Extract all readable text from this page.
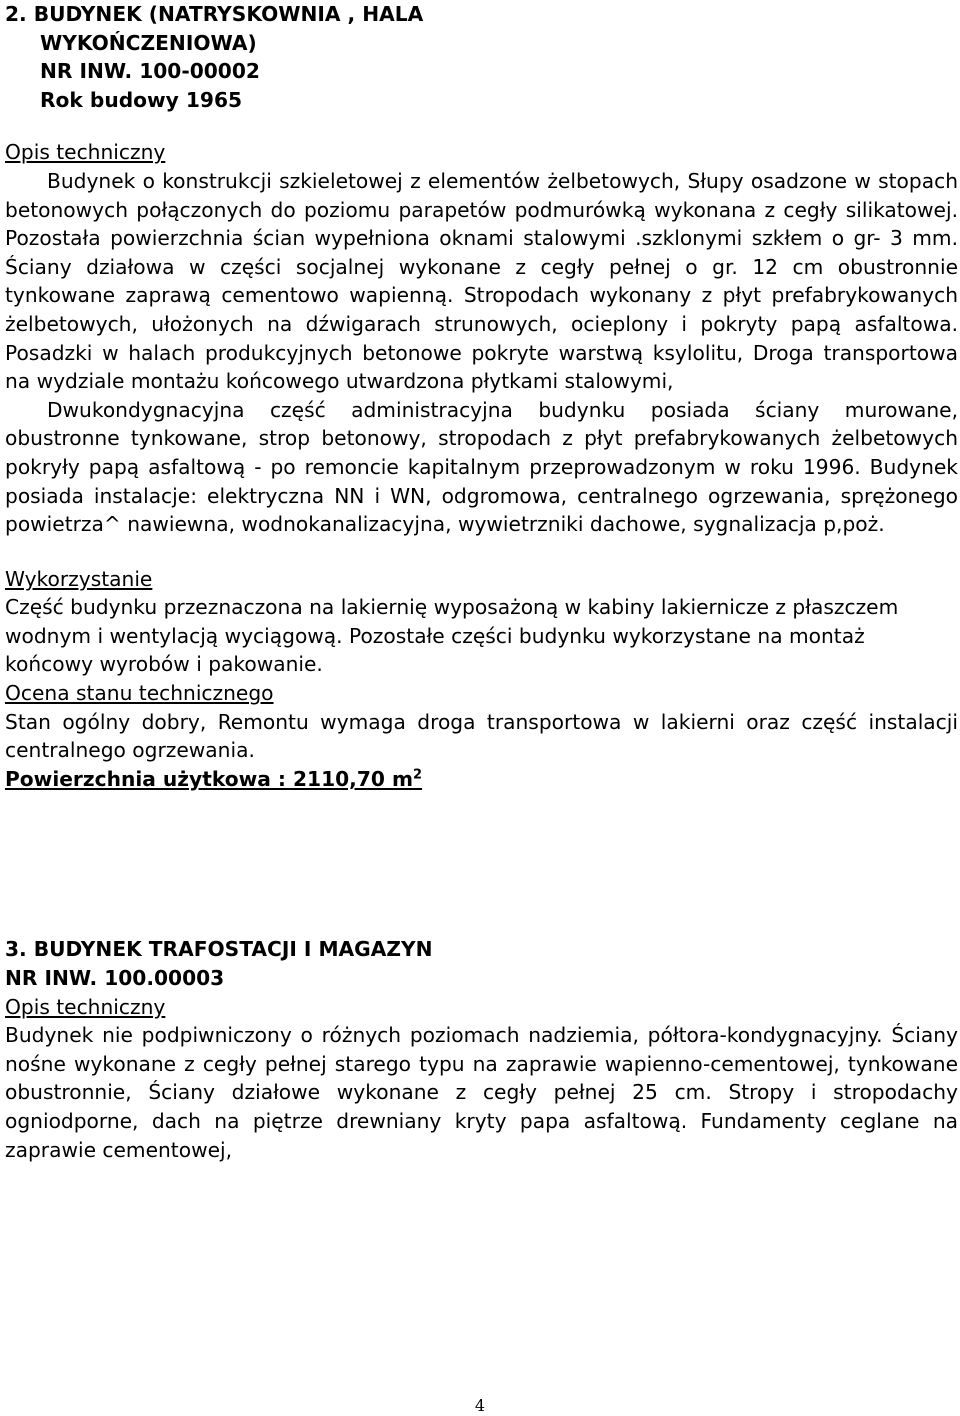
2. BUDYNEK (NATRYSKOWNIA , HALA
WYKOŃCZENIOWA)
NR INW. 100-00002
Rok budowy 1965
Opis techniczny

Budynek o konstrukcji szkieletowej z elementów żelbetowych, Słupy osadzone w stopach betonowych połączonych do poziomu parapetów podmurówką wykonana z cegły silikatowej. Pozostała powierzchnia ścian wypełniona oknami stalowymi .szklonymi szkłem o gr- 3 mm. Ściany działowa w części socjalnej wykonane z cegły pełnej o gr. 12 cm obustronnie tynkowane zaprawą cementowo wapienną. Stropodach wykonany z płyt prefabrykowanych żelbetowych, ułożonych na dźwigarach strunowych, ocieplony i pokryty papą asfaltowa. Posadzki w halach produkcyjnych betonowe pokryte warstwą ksylolitu, Droga transportowa na wydziale montażu końcowego utwardzona płytkami stalowymi,

Dwukondygnacyjna część administracyjna budynku posiada ściany murowane, obustronne tynkowane, strop betonowy, stropodach z płyt prefabrykowanych żelbetowych pokryły papą asfaltową - po remoncie kapitalnym przeprowadzonym w roku 1996. Budynek posiada instalacje: elektryczna NN i WN, odgromowa, centralnego ogrzewania, sprężonego powietrza^ nawiewna, wodnokanalizacyjna, wywietrzniki dachowe, sygnalizacja p,poż.

Wykorzystanie

Część budynku przeznaczona na lakiernię wyposażoną w kabiny lakiernicze z płaszczem wodnym i wentylacją wyciągową. Pozostałe części budynku wykorzystane na montaż końcowy wyrobów i pakowanie.

Ocena stanu technicznego

Stan ogólny dobry, Remontu wymaga droga transportowa w lakierni oraz część instalacji centralnego ogrzewania.

Powierzchnia użytkowa : 2110,70 $m^2$
3. BUDYNEK TRAFOSTACJI I MAGAZYN
NR INW. 100.00003
Opis techniczny

Budynek nie podpiwniczony o różnych poziomach nadziemia, półtora-kondygnacyjny. Ściany nośne wykonane z cegły pełnej starego typu na zaprawie wapienno-cementowej, tynkowane obustronnie, Ściany działowe wykonane z cegły pełnej 25 cm. Stropy i stropodachy ogniodporne, dach na piętrze drewniany kryty papa asfaltową. Fundamenty ceglane na zaprawie cementowej,

4
